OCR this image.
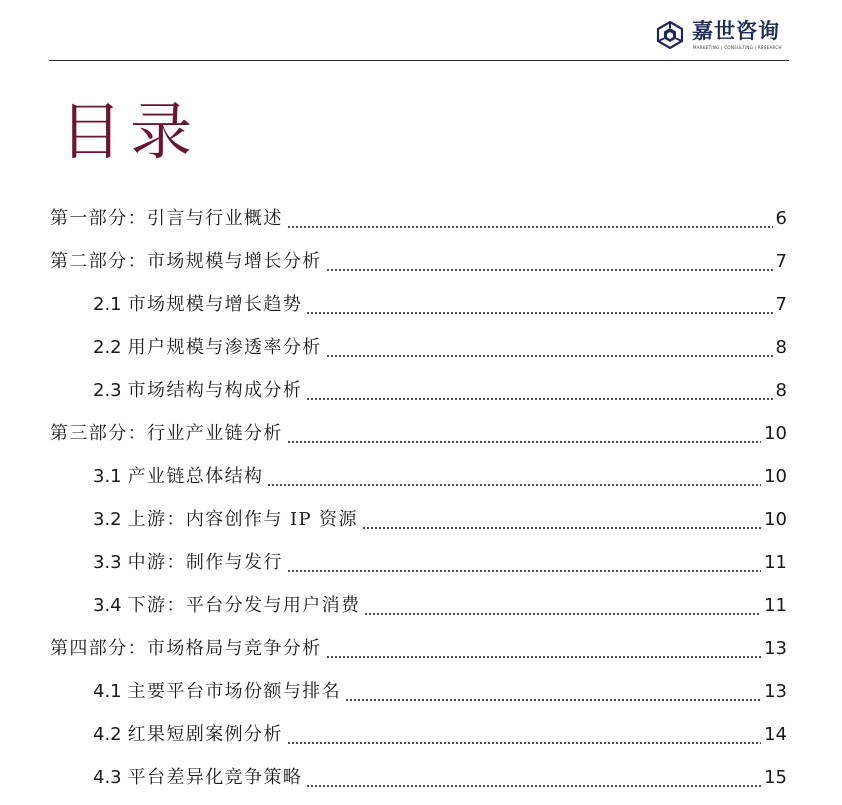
嘉世咨询
MARKETING | CONSULTING | RESEARCH
目录
第一部分：引言与行业概述	6
第二部分：市场规模与增长分析	7
2.1 市场规模与增长趋势	7
2.2 用户规模与渗透率分析	8
2.3 市场结构与构成分析	8
第三部分：行业产业链分析	10
3.1 产业链总体结构	10
3.2 上游：内容创作与 IP 资源	10
3.3 中游：制作与发行	11
3.4 下游：平台分发与用户消费	11
第四部分：市场格局与竞争分析	13
4.1 主要平台市场份额与排名	13
4.2 红果短剧案例分析	14
4.3 平台差异化竞争策略	15
